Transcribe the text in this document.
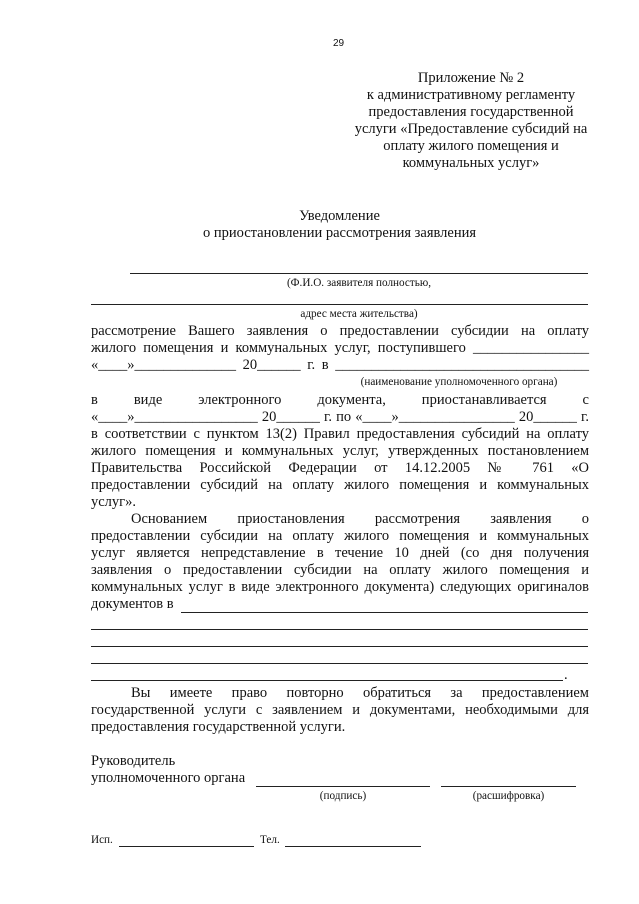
29
Приложение № 2
к административному регламенту
предоставления государственной
услуги «Предоставление субсидий на
оплату жилого помещения и
коммунальных услуг»
Уведомление
о приостановлении рассмотрения заявления
(Ф.И.О. заявителя полностью,
адрес места жительства)
рассмотрение Вашего заявления о предоставлении субсидии на оплату
жилого помещения и коммунальных услуг, поступившего ________________
«____»______________ 20______ г. в ___________________________________
(наименование уполномоченного органа)
в виде электронного документа, приостанавливается с
«____»_________________ 20______ г. по «____»________________ 20______ г.
в соответствии с пунктом 13(2) Правил предоставления субсидий на оплату
жилого помещения и коммунальных услуг, утвержденных постановлением
Правительства Российской Федерации от 14.12.2005 № 761 «О
предоставлении субсидий на оплату жилого помещения и коммунальных
услуг».
Основанием приостановления рассмотрения заявления о
предоставлении субсидии на оплату жилого помещения и коммунальных
услуг является непредставление в течение 10 дней (со дня получения
заявления о предоставлении субсидии на оплату жилого помещения и
коммунальных услуг в виде электронного документа) следующих оригиналов
документов в
.
Вы имеете право повторно обратиться за предоставлением
государственной услуги с заявлением и документами, необходимыми для
предоставления государственной услуги.
Руководитель
уполномоченного органа
(подпись)	(расшифровка)
Исп.	Тел.
